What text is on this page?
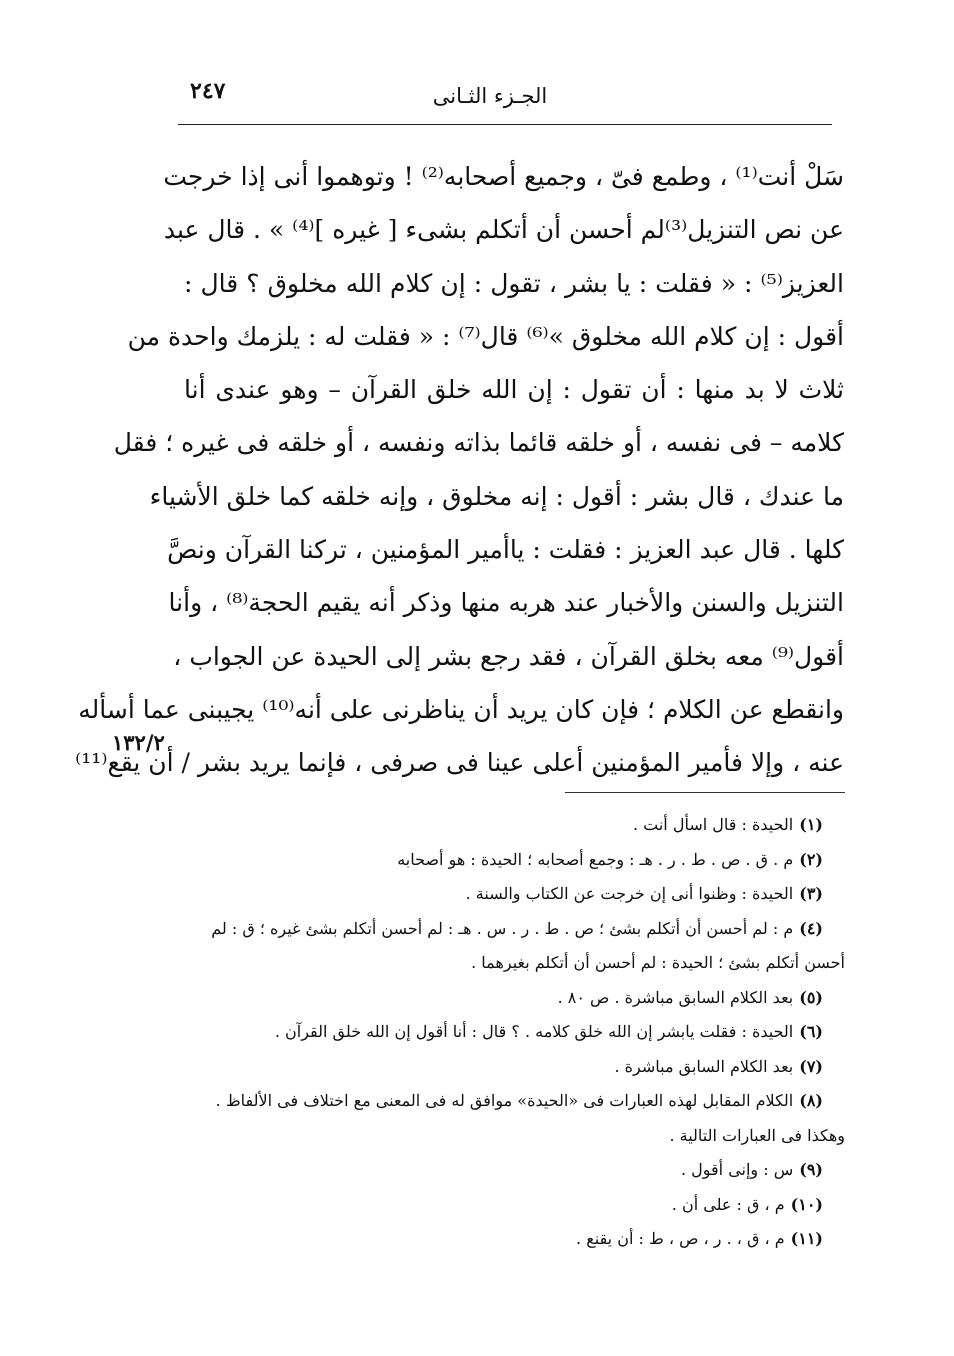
٢٤٧	الجـزء الثـانى
سَلْ أنت⁽¹⁾ ، وطمع فىّ ، وجميع أصحابه⁽²⁾ ! وتوهموا أنى إذا خرجت
عن نص التنزيل⁽³⁾لم أحسن أن أتكلم بشىء [ غيره ]⁽⁴⁾ » . قال عبد
العزيز⁽⁵⁾ : « فقلت : يا بشر ، تقول : إن كلام الله مخلوق ؟ قال :
أقول : إن كلام الله مخلوق »⁽⁶⁾ قال⁽⁷⁾ : « فقلت له : يلزمك واحدة من
ثلاث لا بد منها : أن تقول : إن الله خلق القرآن – وهو عندى أنا
كلامه – فى نفسه ، أو خلقه قائما بذاته ونفسه ، أو خلقه فى غيره ؛ فقل
ما عندك ، قال بشر : أقول : إنه مخلوق ، وإنه خلقه كما خلق الأشياء
كلها . قال عبد العزيز : فقلت : ياأمير المؤمنين ، تركنا القرآن ونصَّ
التنزيل والسنن والأخبار عند هربه منها وذكر أنه يقيم الحجة⁽⁸⁾ ، وأنا
أقول⁽⁹⁾ معه بخلق القرآن ، فقد رجع بشر إلى الحيدة عن الجواب ،
وانقطع عن الكلام ؛ فإن كان يريد أن يناظرنى على أنه⁽¹⁰⁾ يجيبنى عما أسأله
عنه ، وإلا فأمير المؤمنين أعلى عينا فى صرفى ، فإنما يريد بشر / أن يقع⁽¹¹⁾
١٣٢/٢
(١)الحيدة : قال اسأل أنت .
(٢)م . ق . ص . ط . ر . هـ : وجمع أصحابه ؛ الحيدة : هو أصحابه
(٣)الحيدة : وظنوا أنى إن خرجت عن الكتاب والسنة .
(٤)م : لم أحسن أن أتكلم بشئ ؛ ص . ط . ر . س . هـ : لم أحسن أتكلم بشئ غيره ؛ ق : لم
أحسن أتكلم بشئ ؛ الحيدة : لم أحسن أن أتكلم بغيرهما .
(٥)بعد الكلام السابق مباشرة . ص ٨٠ .
(٦)الحيدة : فقلت يابشر إن الله خلق كلامه . ؟ قال : أنا أقول إن الله خلق القرآن .
(٧)بعد الكلام السابق مباشرة .
(٨)الكلام المقابل لهذه العبارات فى «الحيدة» موافق له فى المعنى مع اختلاف فى الألفاظ .
وهكذا فى العبارات التالية .
(٩)س : وإنى أقول .
(١٠)م ، ق : على أن .
(١١)م ، ق ، . ر ، ص ، ط : أن يقنع .
